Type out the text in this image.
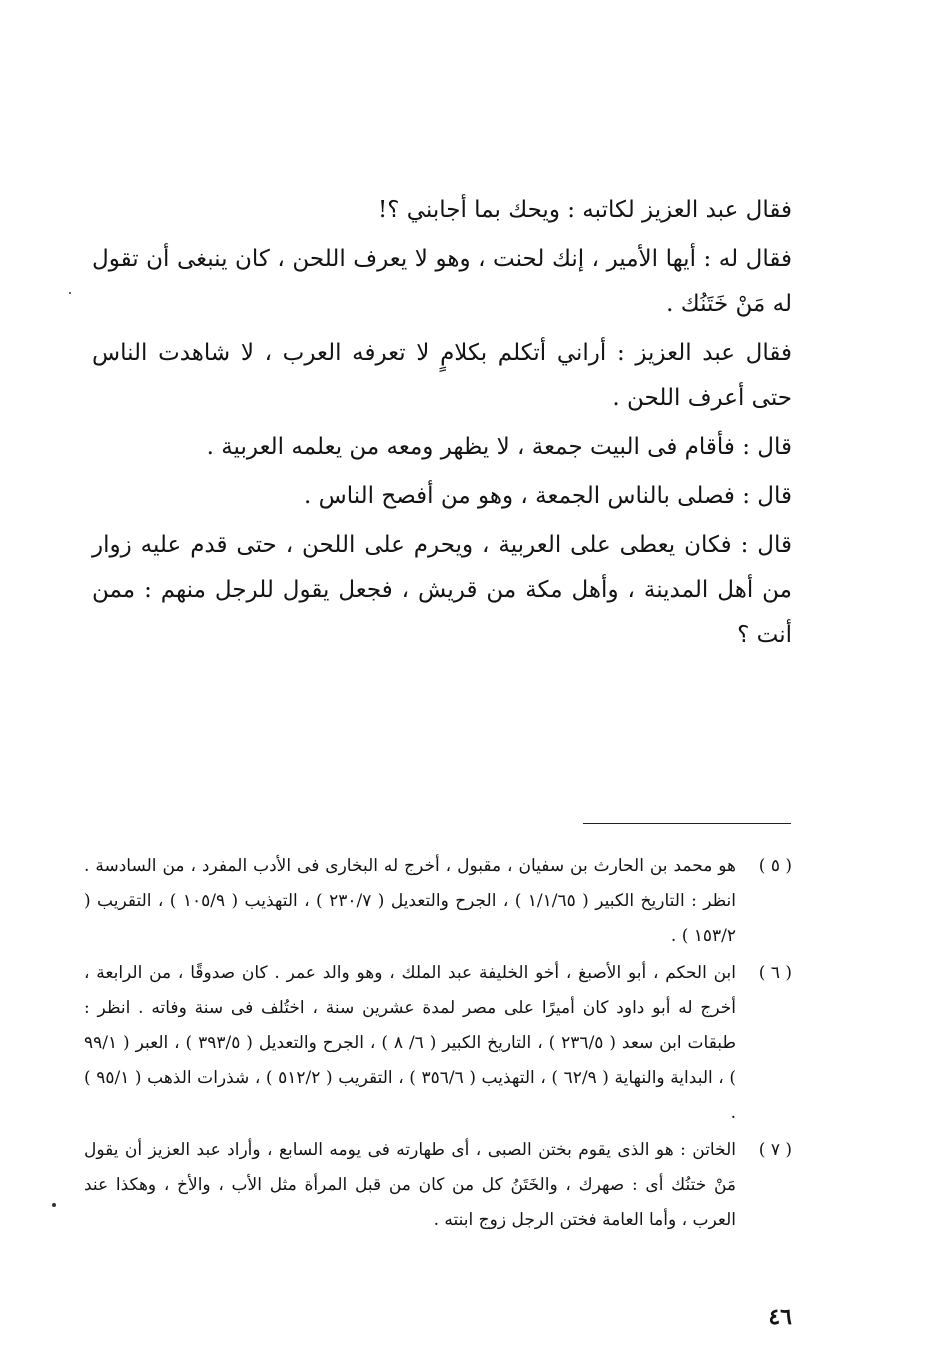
فقال عبد العزيز لكاتبه : ويحك بما أجابني ؟!

فقال له : أيها الأمير ، إنك لحنت ، وهو لا يعرف اللحن ، كان ينبغى أن تقول له مَنْ خَتَنُك .

فقال عبد العزيز : أراني أتكلم بكلامٍ لا تعرفه العرب ، لا شاهدت الناس حتى أعرف اللحن .

قال : فأقام فى البيت جمعة ، لا يظهر ومعه من يعلمه العربية .

قال : فصلى بالناس الجمعة ، وهو من أفصح الناس .

قال : فكان يعطى على العربية ، ويحرم على اللحن ، حتى قدم عليه زوار من أهل المدينة ، وأهل مكة من قريش ، فجعل يقول للرجل منهم : ممن أنت ؟

( ٥ )
هو محمد بن الحارث بن سفيان ، مقبول ، أخرج له البخارى فى الأدب المفرد ، من السادسة . انظر : التاريخ الكبير ( ١/١/٦٥ ) ، الجرح والتعديل ( ٢٣٠/٧ ) ، التهذيب ( ١٠٥/٩ ) ، التقريب ( ١٥٣/٢ ) .
( ٦ )
ابن الحكم ، أبو الأصبغ ، أخو الخليفة عبد الملك ، وهو والد عمر . كان صدوقًا ، من الرابعة ، أخرج له أبو داود كان أميرًا على مصر لمدة عشرين سنة ، اختُلف فى سنة وفاته . انظر : طبقات ابن سعد ( ٢٣٦/٥ ) ، التاريخ الكبير ( ٦/ ٨ ) ، الجرح والتعديل ( ٣٩٣/٥ ) ، العبر ( ٩٩/١ ) ، البداية والنهاية ( ٦٢/٩ ) ، التهذيب ( ٣٥٦/٦ ) ، التقريب ( ٥١٢/٢ ) ، شذرات الذهب ( ٩٥/١ ) .
( ٧ )
الخاتن : هو الذى يقوم بختن الصبى ، أى طهارته فى يومه السابع ، وأراد عبد العزيز أن يقول مَنْ ختنُك أى : صهرك ، والخَتَنُ كل من كان من قبل المرأة مثل الأب ، والأخ ، وهكذا عند العرب ، وأما العامة فختن الرجل زوج ابنته .
٤٦
